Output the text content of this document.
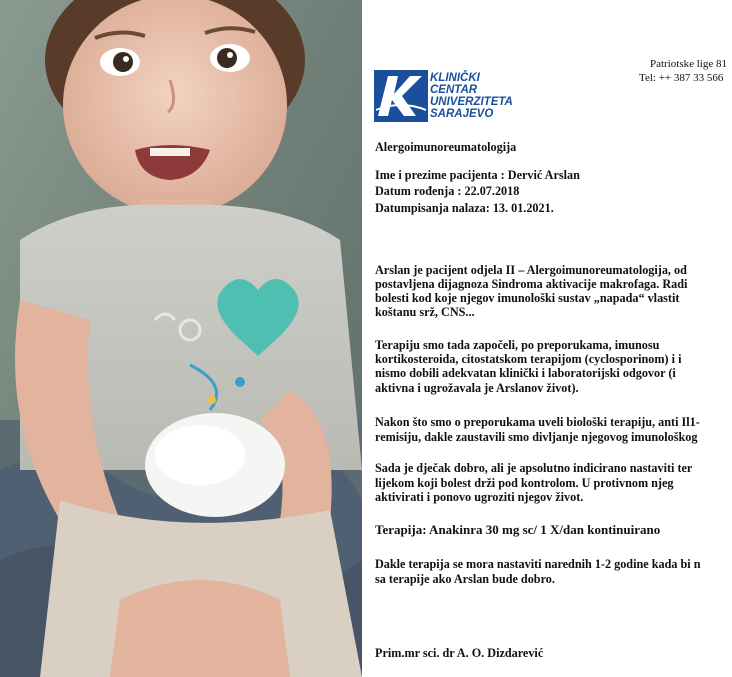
Patriotske lige 81
Tel: ++ 387 33 566
KLINIČKI
CENTAR
UNIVERZITETA
SARAJEVO
Alergoimunoreumatologija
Ime i prezime pacijenta : Dervić Arslan
Datum rođenja : 22.07.2018
Datumpisanja nalaza: 13. 01.2021.
Arslan je pacijent odjela II – Alergoimunoreumatologija, od
postavljena dijagnoza Sindroma aktivacije makrofaga. Radi
bolesti kod koje njegov imunološki sustav „napada“ vlastit
koštanu srž, CNS...
Terapiju smo tada započeli, po preporukama, imunosu
kortikosteroida, citostatskom terapijom (cyclosporinom) i i
nismo dobili adekvatan klinički i laboratorijski odgovor (i
aktivna i ugrožavala je Arslanov život).
Nakon što smo o preporukama uveli biološki terapiju, anti Il1-
remisiju, dakle zaustavili smo divljanje njegovog imunološkog
Sada je dječak dobro, ali je apsolutno indicirano nastaviti ter
lijekom koji bolest drži pod kontrolom. U protivnom njeg
aktivirati i ponovo ugroziti njegov život.
Terapija: Anakinra 30 mg sc/ 1 X/dan kontinuirano
Dakle terapija se mora nastaviti narednih 1-2 godine kada bi n
sa terapije ako Arslan bude dobro.
Prim.mr sci. dr A. O. Dizdarević
